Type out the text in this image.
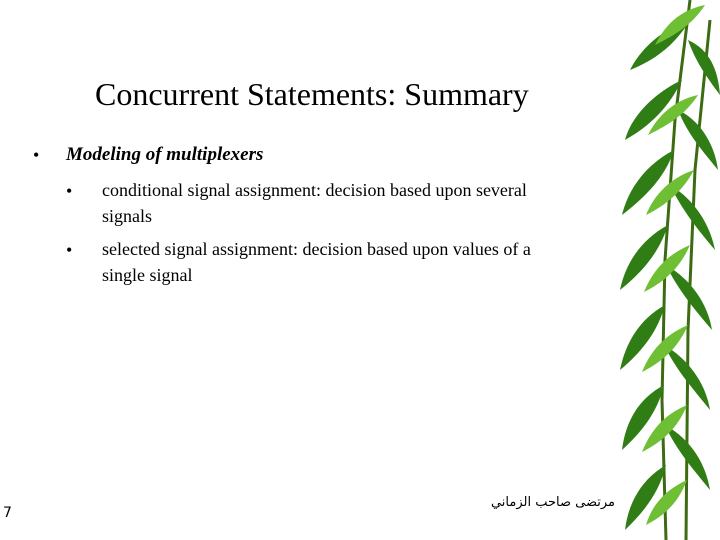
Concurrent Statements: Summary
• Modeling of multiplexers
• conditional signal assignment: decision based upon several
signals
• selected signal assignment: decision based upon values of a
single signal
مرتضى صاحب الزماني
7
